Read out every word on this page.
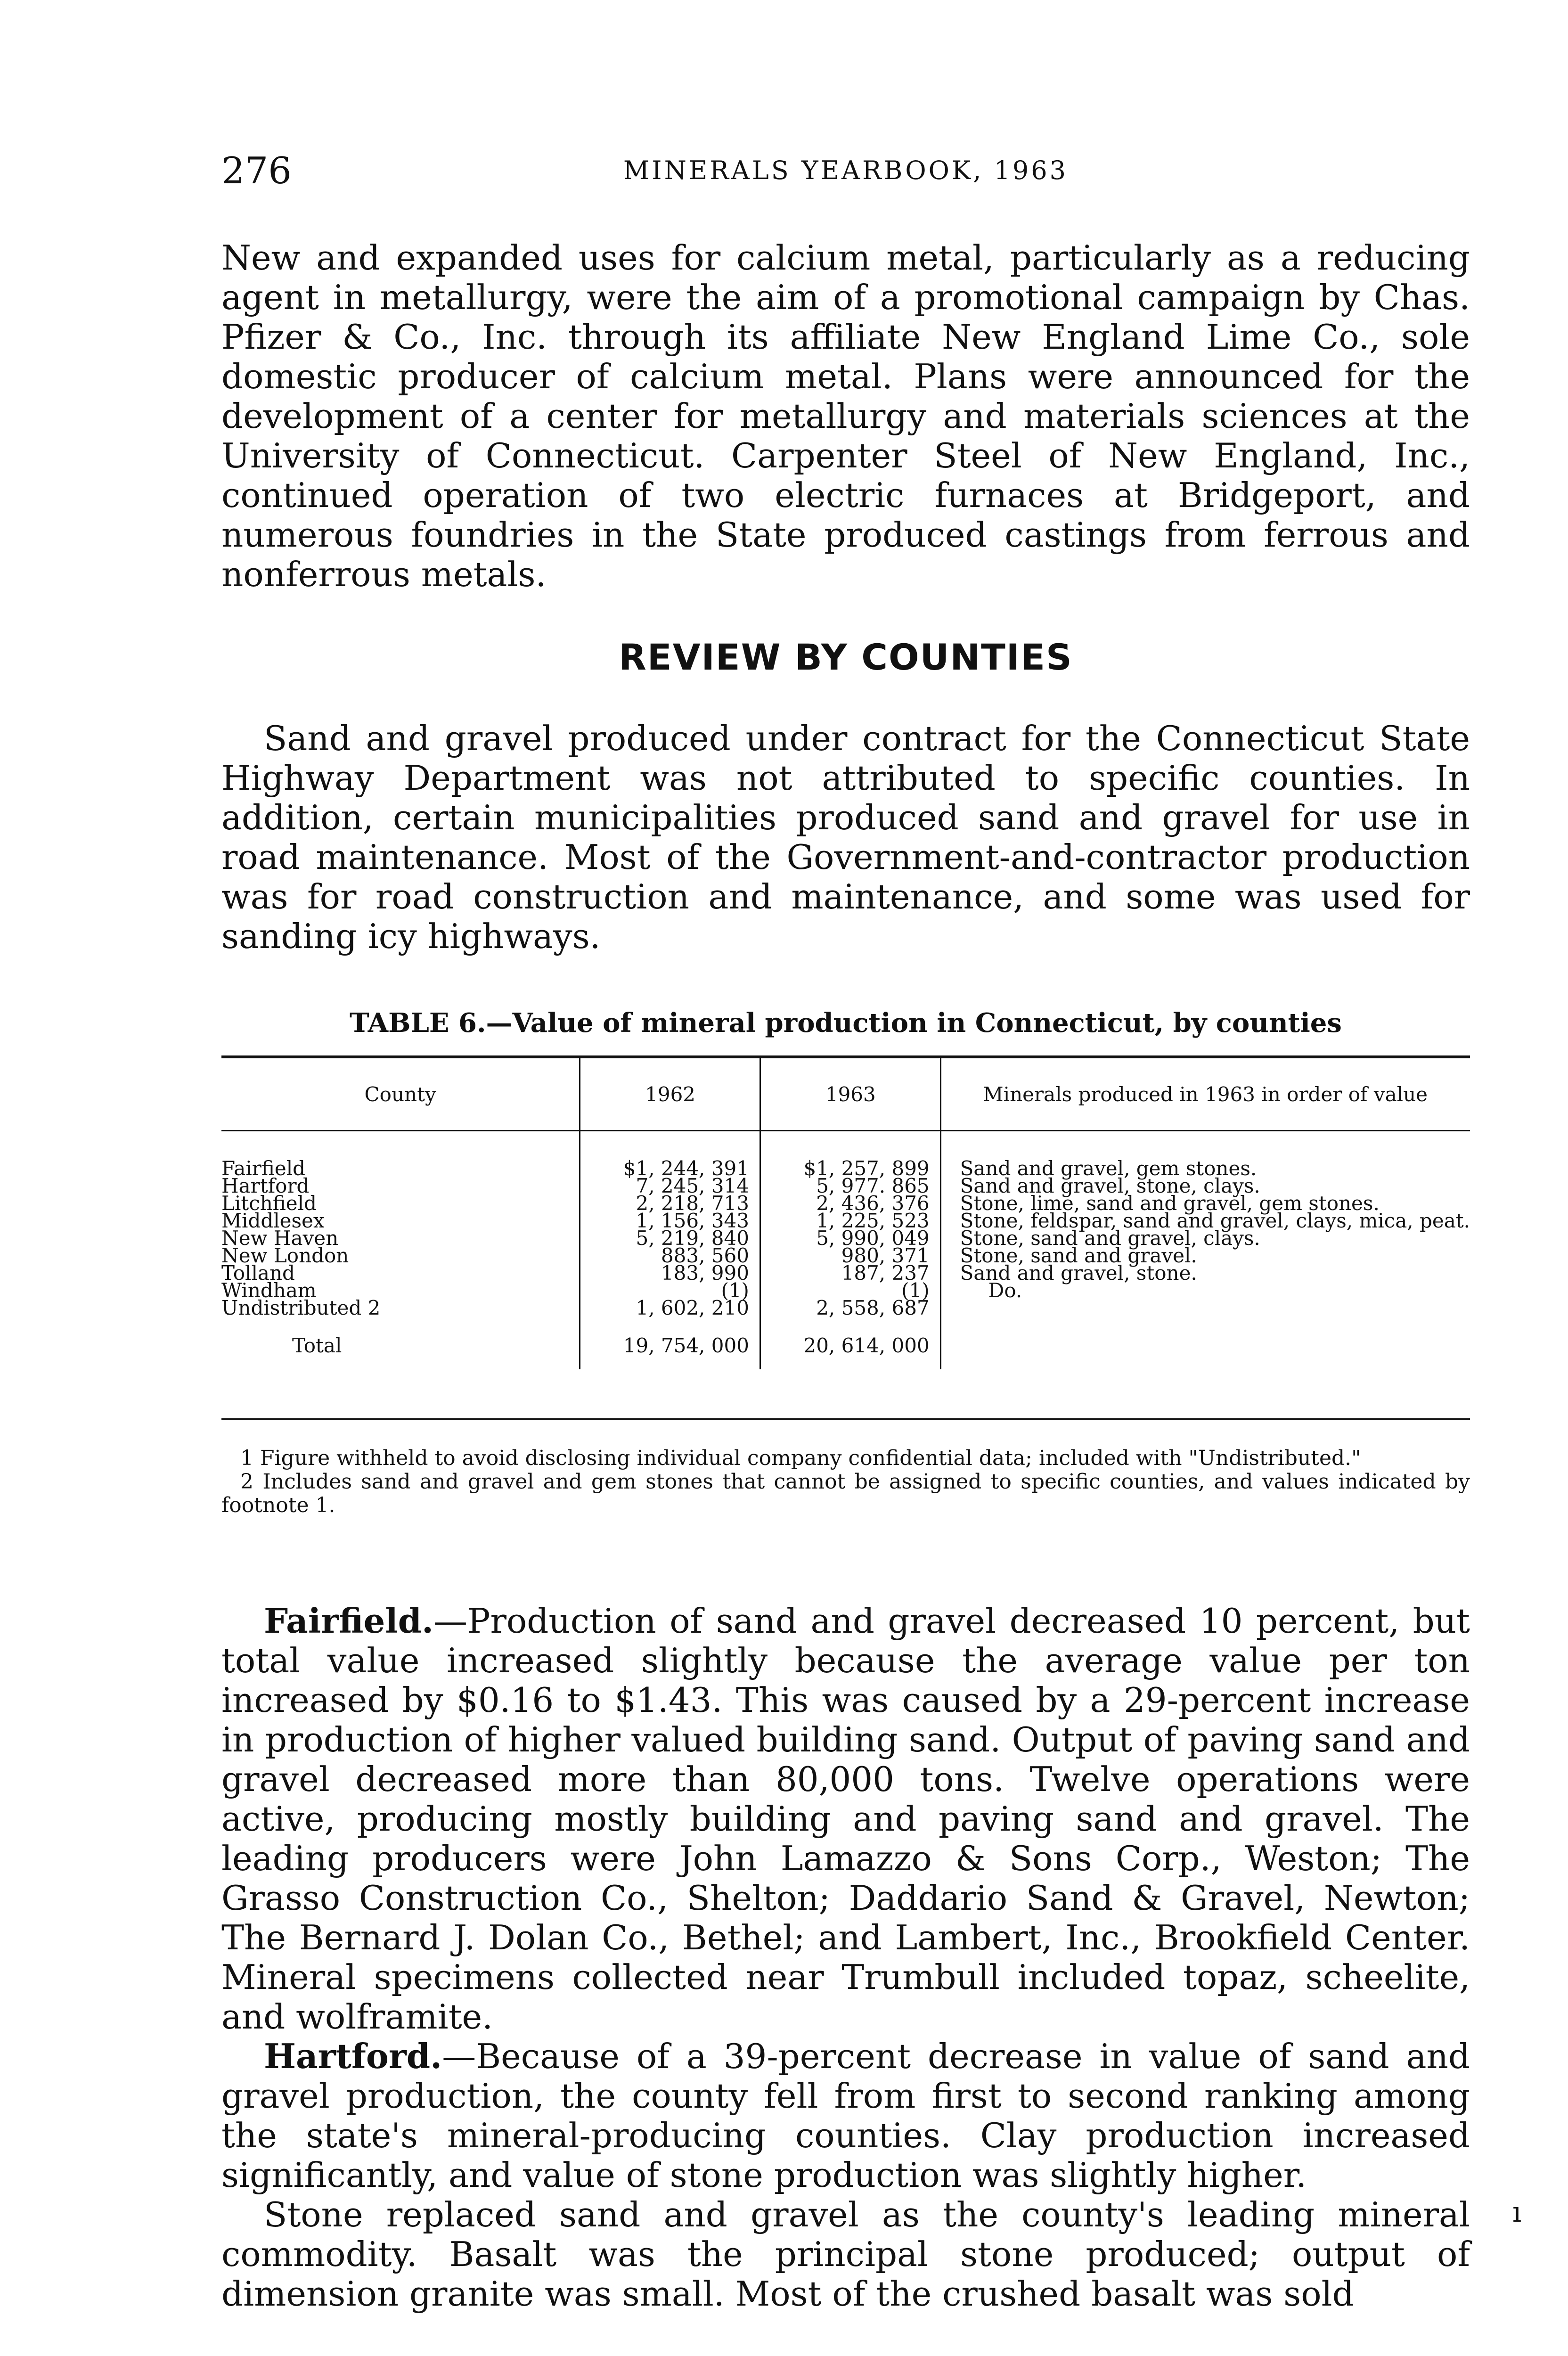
276	MINERALS YEARBOOK, 1963

New and expanded uses for calcium metal, particularly as a reducing agent in metallurgy, were the aim of a promotional campaign by Chas. Pfizer & Co., Inc. through its affiliate New England Lime Co., sole domestic producer of calcium metal. Plans were announced for the development of a center for metallurgy and materials sciences at the University of Connecticut. Carpenter Steel of New England, Inc., continued operation of two electric furnaces at Bridgeport, and numerous foundries in the State produced castings from ferrous and nonferrous metals.

REVIEW BY COUNTIES

Sand and gravel produced under contract for the Connecticut State Highway Department was not attributed to specific counties. In addition, certain municipalities produced sand and gravel for use in road maintenance. Most of the Government-and-contractor production was for road construction and maintenance, and some was used for sanding icy highways.

TABLE 6.—Value of mineral production in Connecticut, by counties
County	1962	1963	Minerals produced in 1963 in order of value
Fairfield	$1, 244, 391	$1, 257, 899	Sand and gravel, gem stones.
Hartford	7, 245, 314	5, 977. 865	Sand and gravel, stone, clays.
Litchfield	2, 218, 713	2, 436, 376	Stone, lime, sand and gravel, gem stones.
Middlesex	1, 156, 343	1, 225, 523	Stone, feldspar, sand and gravel, clays, mica, peat.
New Haven	5, 219, 840	5, 990, 049	Stone, sand and gravel, clays.
New London	883, 560	980, 371	Stone, sand and gravel.
Tolland	183, 990	187, 237	Sand and gravel, stone.
Windham	(1)	(1)	Do.
Undistributed 2	1, 602, 210	2, 558, 687	
Total	19, 754, 000	20, 614, 000	

1 Figure withheld to avoid disclosing individual company confidential data; included with "Undistributed."

2 Includes sand and gravel and gem stones that cannot be assigned to specific counties, and values indicated by footnote 1.

Fairfield.—Production of sand and gravel decreased 10 percent, but total value increased slightly because the average value per ton increased by $0.16 to $1.43. This was caused by a 29-percent increase in production of higher valued building sand. Output of paving sand and gravel decreased more than 80,000 tons. Twelve operations were active, producing mostly building and paving sand and gravel. The leading producers were John Lamazzo & Sons Corp., Weston; The Grasso Construction Co., Shelton; Daddario Sand & Gravel, Newton; The Bernard J. Dolan Co., Bethel; and Lambert, Inc., Brookfield Center. Mineral specimens collected near Trumbull included topaz, scheelite, and wolframite.

Hartford.—Because of a 39-percent decrease in value of sand and gravel production, the county fell from first to second ranking among the state's mineral-producing counties. Clay production increased significantly, and value of stone production was slightly higher.

Stone replaced sand and gravel as the county's leading mineral commodity. Basalt was the principal stone produced; output of dimension granite was small. Most of the crushed basalt was sold

ı
